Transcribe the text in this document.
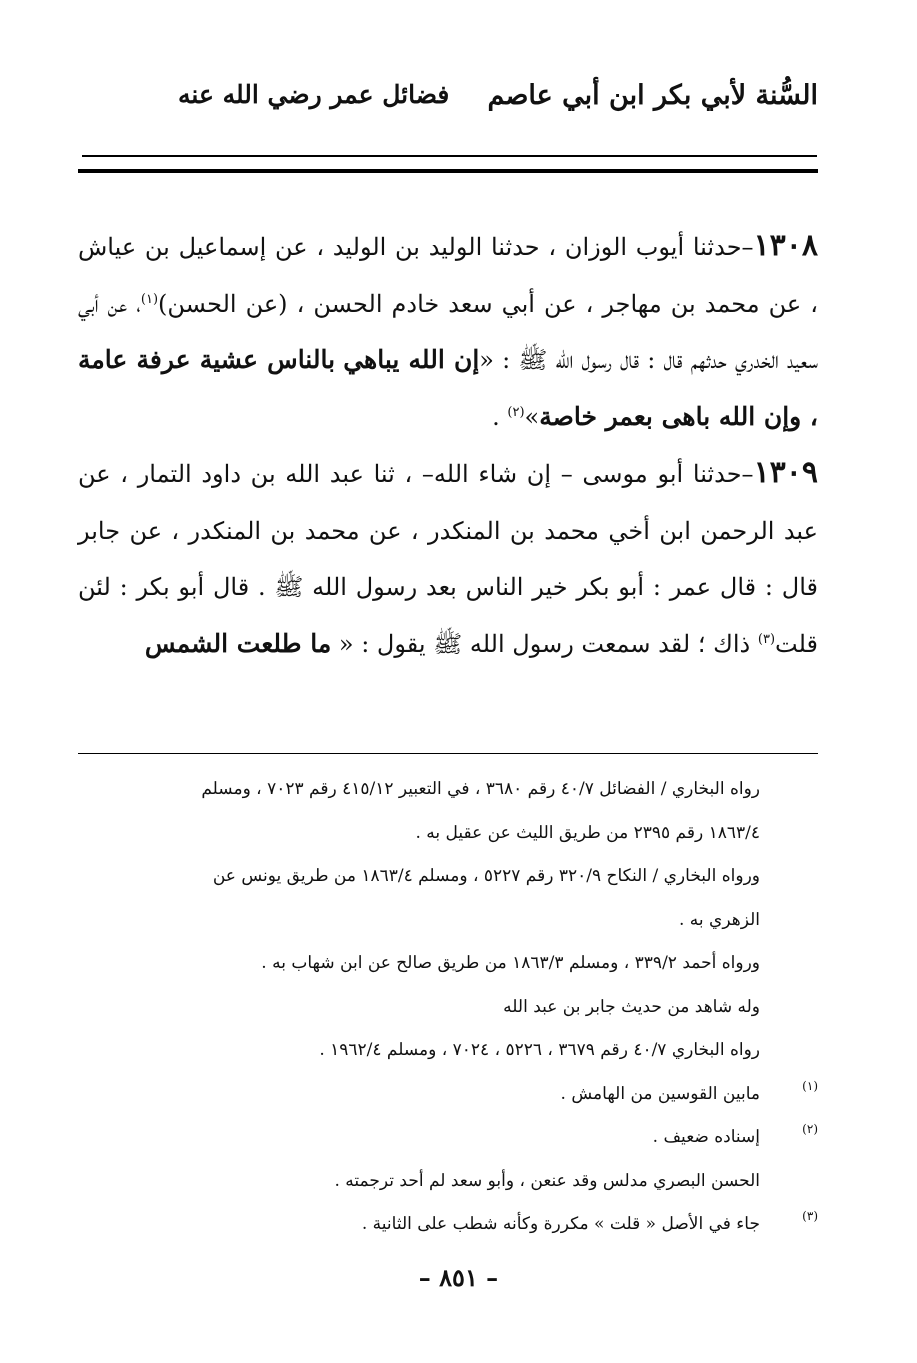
السُّنة لأبي بكر ابن أبي عاصم
فضائل عمر رضي الله عنه

١٣٠٨–حدثنا أيوب الوزان ، حدثنا الوليد بن الوليد ، عن إسماعيل بن عياش ، عن محمد بن مهاجر ، عن أبي سعد خادم الحسن ، (عن الحسن)$^{(١)}$، عن أبي سعيد الخدري حدثهم قال : قال رسول الله ﷺ : «إن الله يباهي بالناس عشية عرفة عامة ، وإن الله باهى بعمر خاصة»$^{(٢)}$ .

١٣٠٩–حدثنا أبو موسى – إن شاء الله– ، ثنا عبد الله بن داود التمار ، عن عبد الرحمن ابن أخي محمد بن المنكدر ، عن محمد بن المنكدر ، عن جابر قال : قال عمر : أبو بكر خير الناس بعد رسول الله ﷺ . قال أبو بكر : لئن قلت$^{(٣)}$ ذاك ؛ لقد سمعت رسول الله ﷺ يقول : « ما طلعت الشمس

رواه البخاري / الفضائل ٤٠/٧ رقم ٣٦٨٠ ، في التعبير ٤١٥/١٢ رقم ٧٠٢٣ ، ومسلم
١٨٦٣/٤ رقم ٢٣٩٥ من طريق الليث عن عقيل به .
ورواه البخاري / النكاح ٣٢٠/٩ رقم ٥٢٢٧ ، ومسلم ١٨٦٣/٤ من طريق يونس عن
الزهري به .
ورواه أحمد ٣٣٩/٢ ، ومسلم ١٨٦٣/٣ من طريق صالح عن ابن شهاب به .
وله شاهد من حديث جابر بن عبد الله
رواه البخاري ٤٠/٧ رقم ٣٦٧٩ ، ٥٢٢٦ ، ٧٠٢٤ ، ومسلم ١٩٦٢/٤ .
(١)
مابين القوسين من الهامش .
(٢)
إسناده ضعيف .
الحسن البصري مدلس وقد عنعن ، وأبو سعد لم أحد ترجمته .
(٣)
جاء في الأصل « قلت » مكررة وكأنه شطب على الثانية .
– ٨٥١ –
